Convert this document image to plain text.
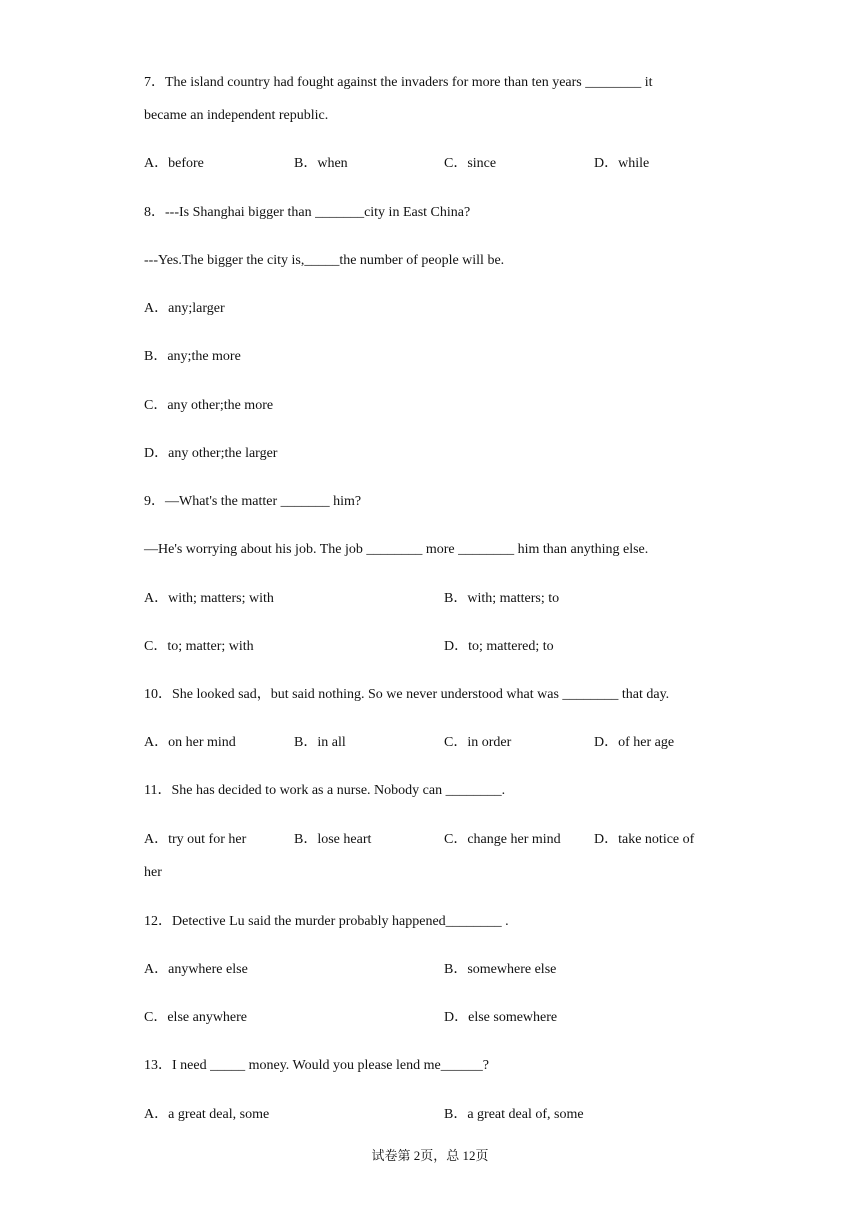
7．The island country had fought against the invaders for more than ten years ________ it
became an independent republic.
A．before	B．when	C．since	D．while
8．---Is Shanghai bigger than _______city in East China?
---Yes.The bigger the city is,_____the number of people will be.
A．any;larger
B．any;the more
C．any other;the more
D．any other;the larger
9．—What's the matter _______ him?
—He's worrying about his job. The job ________ more ________ him than anything else.
A．with; matters; with	B．with; matters; to
C．to; matter; with	D．to; mattered; to
10．She looked sad，but said nothing. So we never understood what was ________ that day.
A．on her mind	B．in all	C．in order	D．of her age
11．She has decided to work as a nurse. Nobody can ________.
A．try out for her	B．lose heart	C．change her mind D．take notice of
her
12．Detective Lu said the murder probably happened________ .
A．anywhere else	B．somewhere else
C．else anywhere	D．else somewhere
13．I need _____ money. Would you please lend me______?
A．a great deal, some	B．a great deal of, some
试卷第 2页，总 12页
